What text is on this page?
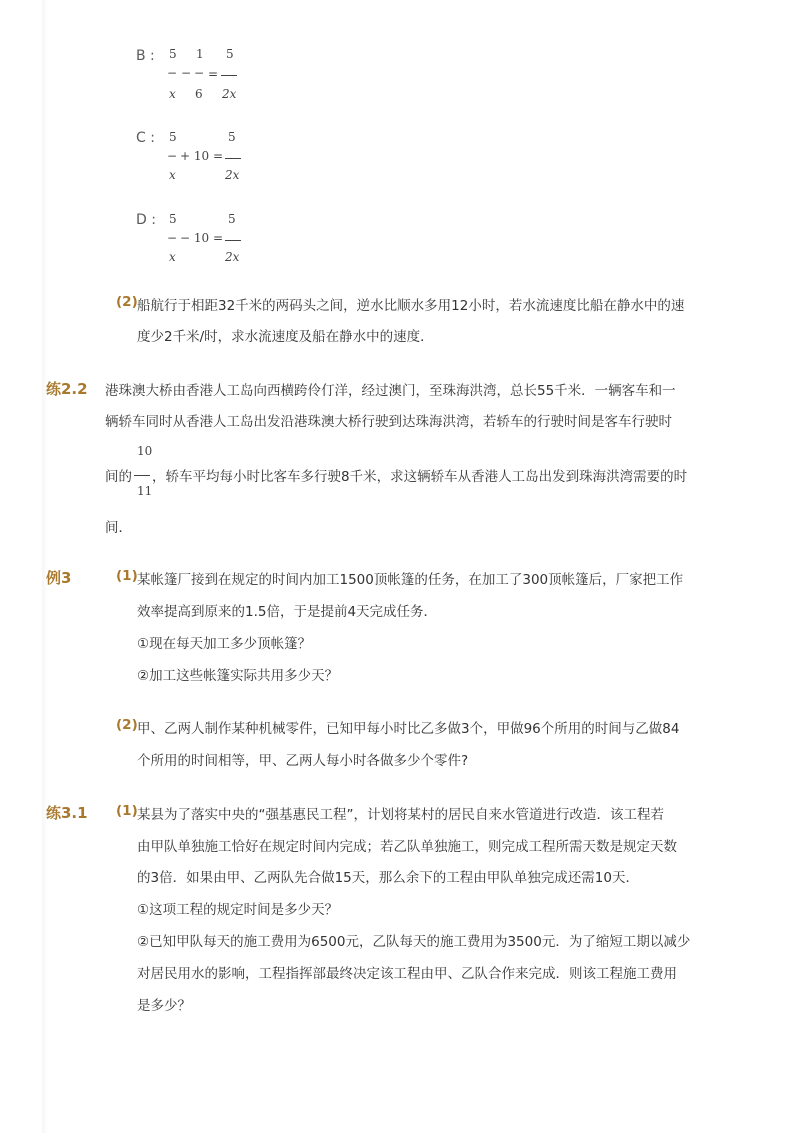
B : 5 1 5
− − − =
x 6 2x
C : 5	5
− + 10 =
x	2x
D : 5	5
− − 10 =
x	2x
(2) 船航行于相距32千米的两码头之间，逆水比顺水多用12小时，若水流速度比船在静水中的速
度少2千米/时，求水流速度及船在静水中的速度．
练2.2 港珠澳大桥由香港人工岛向西横跨伶仃洋，经过澳门，至珠海洪湾，总长55千米．一辆客车和一
辆轿车同时从香港人工岛出发沿港珠澳大桥行驶到达珠海洪湾，若轿车的行驶时间是客车行驶时
10
间的 ，轿车平均每小时比客车多行驶8千米，求这辆轿车从香港人工岛出发到珠海洪湾需要的时
11
间．
例3	(1) 某帐篷厂接到在规定的时间内加工1500顶帐篷的任务，在加工了300顶帐篷后，厂家把工作
效率提高到原来的1.5倍，于是提前4天完成任务．
①现在每天加工多少顶帐篷？
②加工这些帐篷实际共用多少天？
(2) 甲、乙两人制作某种机械零件，已知甲每小时比乙多做3个，甲做96个所用的时间与乙做84
个所用的时间相等，甲、乙两人每小时各做多少个零件?
练3.1 (1) 某县为了落实中央的“强基惠民工程”，计划将某村的居民自来水管道进行改造．该工程若
由甲队单独施工恰好在规定时间内完成；若乙队单独施工，则完成工程所需天数是规定天数
的3倍．如果由甲、乙两队先合做15天，那么余下的工程由甲队单独完成还需10天．
①这项工程的规定时间是多少天？
②已知甲队每天的施工费用为6500元，乙队每天的施工费用为3500元．为了缩短工期以减少
对居民用水的影响，工程指挥部最终决定该工程由甲、乙队合作来完成．则该工程施工费用
是多少？
